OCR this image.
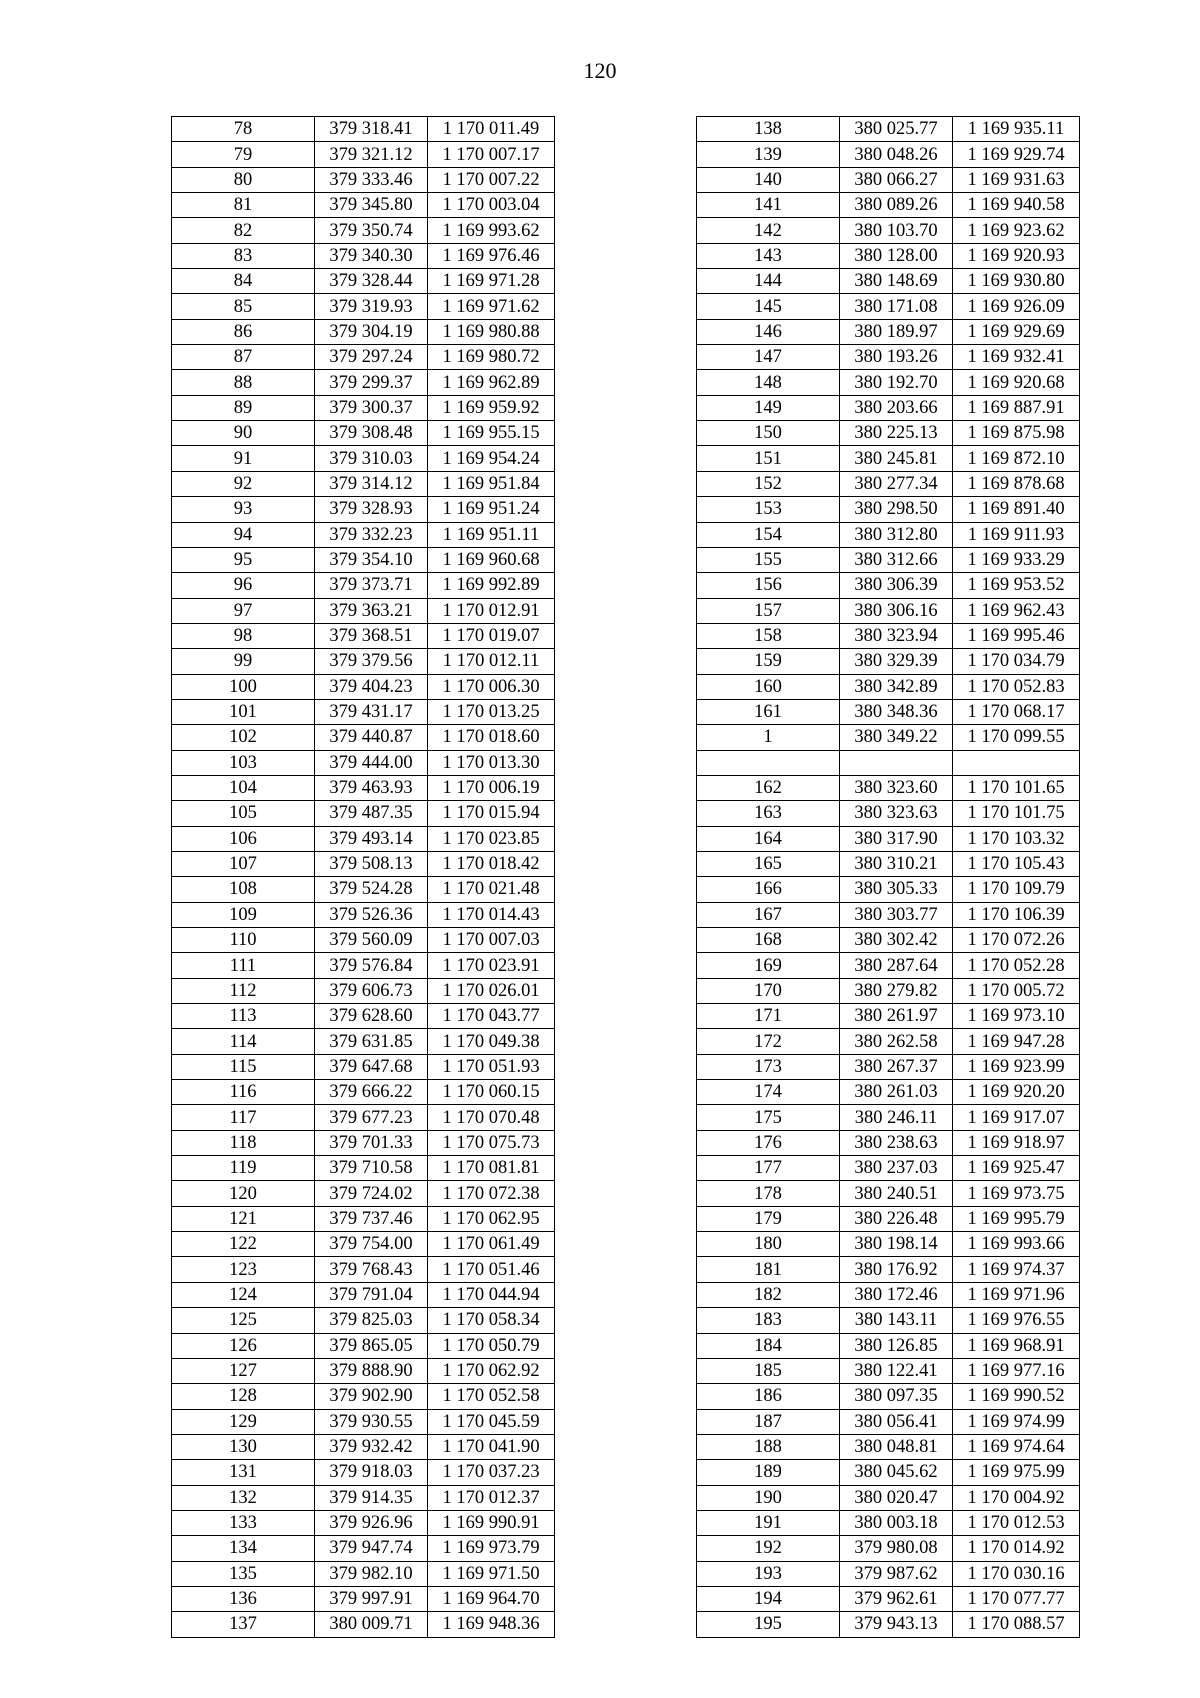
120
78	379 318.41	1 170 011.49
79	379 321.12	1 170 007.17
80	379 333.46	1 170 007.22
81	379 345.80	1 170 003.04
82	379 350.74	1 169 993.62
83	379 340.30	1 169 976.46
84	379 328.44	1 169 971.28
85	379 319.93	1 169 971.62
86	379 304.19	1 169 980.88
87	379 297.24	1 169 980.72
88	379 299.37	1 169 962.89
89	379 300.37	1 169 959.92
90	379 308.48	1 169 955.15
91	379 310.03	1 169 954.24
92	379 314.12	1 169 951.84
93	379 328.93	1 169 951.24
94	379 332.23	1 169 951.11
95	379 354.10	1 169 960.68
96	379 373.71	1 169 992.89
97	379 363.21	1 170 012.91
98	379 368.51	1 170 019.07
99	379 379.56	1 170 012.11
100	379 404.23	1 170 006.30
101	379 431.17	1 170 013.25
102	379 440.87	1 170 018.60
103	379 444.00	1 170 013.30
104	379 463.93	1 170 006.19
105	379 487.35	1 170 015.94
106	379 493.14	1 170 023.85
107	379 508.13	1 170 018.42
108	379 524.28	1 170 021.48
109	379 526.36	1 170 014.43
110	379 560.09	1 170 007.03
111	379 576.84	1 170 023.91
112	379 606.73	1 170 026.01
113	379 628.60	1 170 043.77
114	379 631.85	1 170 049.38
115	379 647.68	1 170 051.93
116	379 666.22	1 170 060.15
117	379 677.23	1 170 070.48
118	379 701.33	1 170 075.73
119	379 710.58	1 170 081.81
120	379 724.02	1 170 072.38
121	379 737.46	1 170 062.95
122	379 754.00	1 170 061.49
123	379 768.43	1 170 051.46
124	379 791.04	1 170 044.94
125	379 825.03	1 170 058.34
126	379 865.05	1 170 050.79
127	379 888.90	1 170 062.92
128	379 902.90	1 170 052.58
129	379 930.55	1 170 045.59
130	379 932.42	1 170 041.90
131	379 918.03	1 170 037.23
132	379 914.35	1 170 012.37
133	379 926.96	1 169 990.91
134	379 947.74	1 169 973.79
135	379 982.10	1 169 971.50
136	379 997.91	1 169 964.70
137	380 009.71	1 169 948.36
138	380 025.77	1 169 935.11
139	380 048.26	1 169 929.74
140	380 066.27	1 169 931.63
141	380 089.26	1 169 940.58
142	380 103.70	1 169 923.62
143	380 128.00	1 169 920.93
144	380 148.69	1 169 930.80
145	380 171.08	1 169 926.09
146	380 189.97	1 169 929.69
147	380 193.26	1 169 932.41
148	380 192.70	1 169 920.68
149	380 203.66	1 169 887.91
150	380 225.13	1 169 875.98
151	380 245.81	1 169 872.10
152	380 277.34	1 169 878.68
153	380 298.50	1 169 891.40
154	380 312.80	1 169 911.93
155	380 312.66	1 169 933.29
156	380 306.39	1 169 953.52
157	380 306.16	1 169 962.43
158	380 323.94	1 169 995.46
159	380 329.39	1 170 034.79
160	380 342.89	1 170 052.83
161	380 348.36	1 170 068.17
1	380 349.22	1 170 099.55

162	380 323.60	1 170 101.65
163	380 323.63	1 170 101.75
164	380 317.90	1 170 103.32
165	380 310.21	1 170 105.43
166	380 305.33	1 170 109.79
167	380 303.77	1 170 106.39
168	380 302.42	1 170 072.26
169	380 287.64	1 170 052.28
170	380 279.82	1 170 005.72
171	380 261.97	1 169 973.10
172	380 262.58	1 169 947.28
173	380 267.37	1 169 923.99
174	380 261.03	1 169 920.20
175	380 246.11	1 169 917.07
176	380 238.63	1 169 918.97
177	380 237.03	1 169 925.47
178	380 240.51	1 169 973.75
179	380 226.48	1 169 995.79
180	380 198.14	1 169 993.66
181	380 176.92	1 169 974.37
182	380 172.46	1 169 971.96
183	380 143.11	1 169 976.55
184	380 126.85	1 169 968.91
185	380 122.41	1 169 977.16
186	380 097.35	1 169 990.52
187	380 056.41	1 169 974.99
188	380 048.81	1 169 974.64
189	380 045.62	1 169 975.99
190	380 020.47	1 170 004.92
191	380 003.18	1 170 012.53
192	379 980.08	1 170 014.92
193	379 987.62	1 170 030.16
194	379 962.61	1 170 077.77
195	379 943.13	1 170 088.57
